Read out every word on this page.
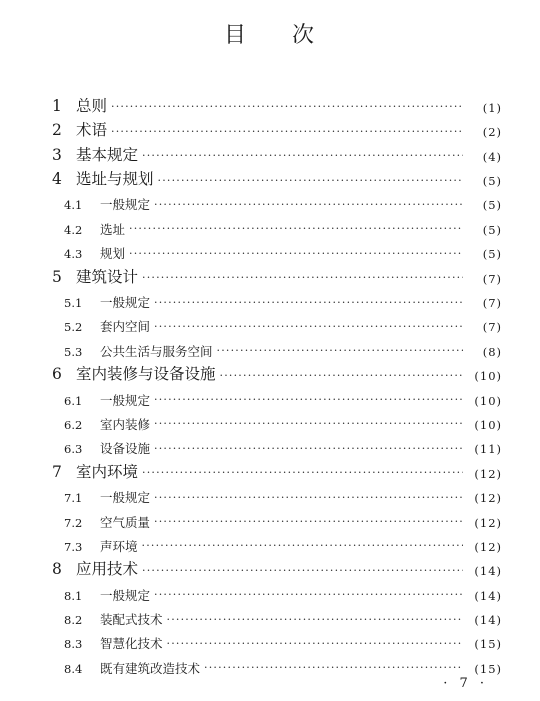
目 次
1 总则 ·····	(1)
2 术语 ·····	(2)
3 基本规定 ·····	(4)
4 选址与规划 ·····	(5)
4.1	一般规定 ·····	(5)
4.2	选址 ·····	(5)
4.3	规划 ·····	(5)
5 建筑设计 ·····	(7)
5.1	一般规定 ·····	(7)
5.2	套内空间 ·····	(7)
5.3	公共生活与服务空间 ·····	(8)
6 室内装修与设备设施 ·····	(10)
6.1	一般规定 ·····	(10)
6.2	室内装修 ·····	(10)
6.3	设备设施 ·····	(11)
7 室内环境 ·····	(12)
7.1	一般规定 ·····	(12)
7.2	空气质量 ·····	(12)
7.3	声环境 ·····	(12)
8 应用技术 ·····	(14)
8.1	一般规定 ·····	(14)
8.2	装配式技术 ·····	(14)
8.3	智慧化技术 ·····	(15)
8.4	既有建筑改造技术 ·····	(15)
· 7 ·
